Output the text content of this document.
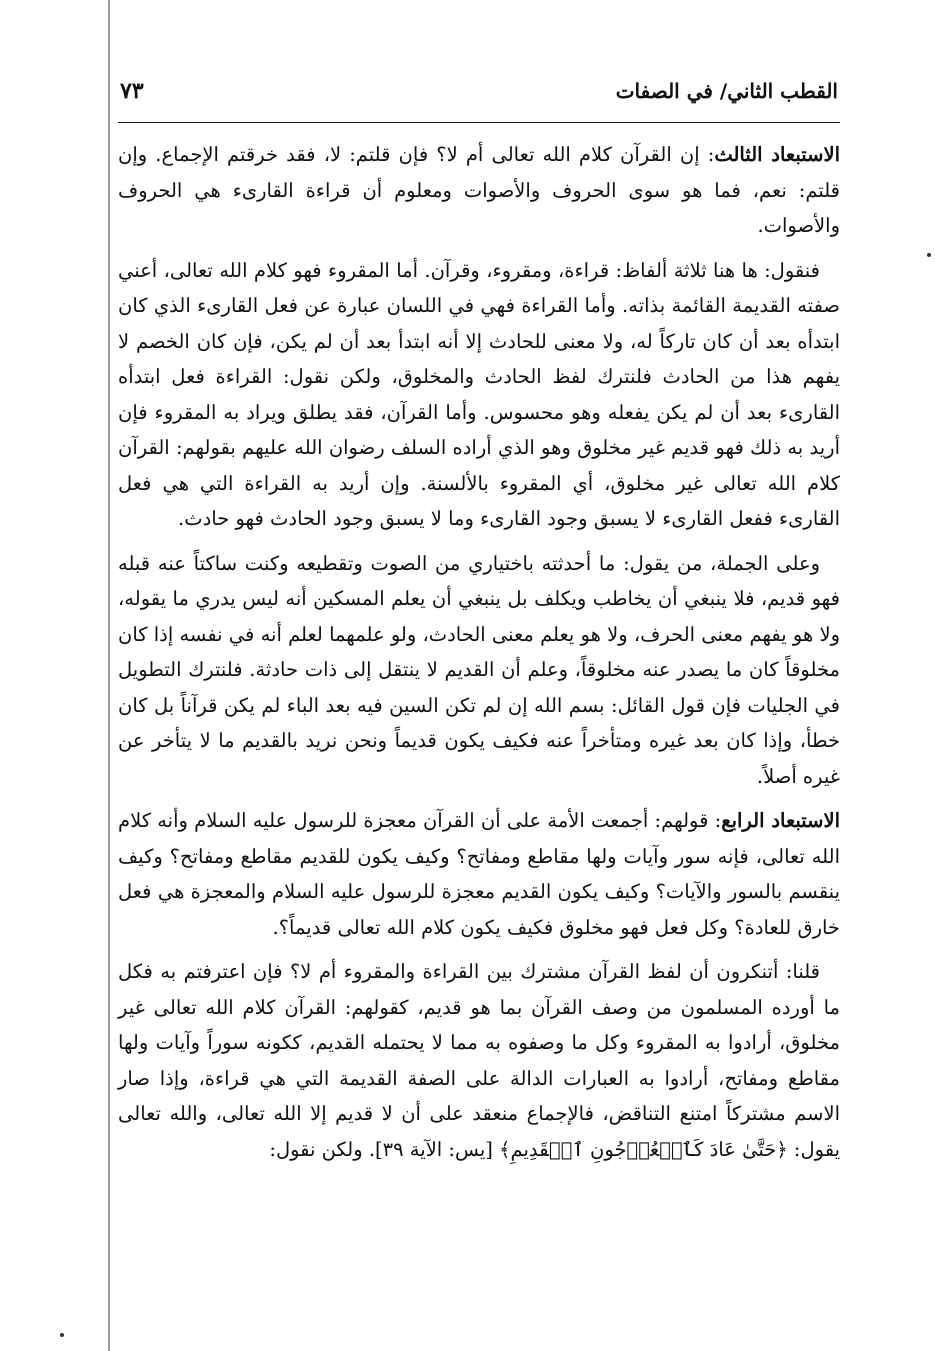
القطب الثاني/ في الصفات
٧٣

الاستبعاد الثالث: إن القرآن كلام الله تعالى أم لا؟ فإن قلتم: لا، فقد خرقتم الإجماع. وإن قلتم: نعم، فما هو سوى الحروف والأصوات ومعلوم أن قراءة القارىء هي الحروف والأصوات.

فنقول: ها هنا ثلاثة ألفاظ: قراءة، ومقروء، وقرآن. أما المقروء فهو كلام الله تعالى، أعني صفته القديمة القائمة بذاته. وأما القراءة فهي في اللسان عبارة عن فعل القارىء الذي كان ابتدأه بعد أن كان تاركاً له، ولا معنى للحادث إلا أنه ابتدأ بعد أن لم يكن، فإن كان الخصم لا يفهم هذا من الحادث فلنترك لفظ الحادث والمخلوق، ولكن نقول: القراءة فعل ابتدأه القارىء بعد أن لم يكن يفعله وهو محسوس. وأما القرآن، فقد يطلق ويراد به المقروء فإن أريد به ذلك فهو قديم غير مخلوق وهو الذي أراده السلف رضوان الله عليهم بقولهم: القرآن كلام الله تعالى غير مخلوق، أي المقروء بالألسنة. وإن أريد به القراءة التي هي فعل القارىء ففعل القارىء لا يسبق وجود القارىء وما لا يسبق وجود الحادث فهو حادث.

وعلى الجملة، من يقول: ما أحدثته باختياري من الصوت وتقطيعه وكنت ساكتاً عنه قبله فهو قديم، فلا ينبغي أن يخاطب ويكلف بل ينبغي أن يعلم المسكين أنه ليس يدري ما يقوله، ولا هو يفهم معنى الحرف، ولا هو يعلم معنى الحادث، ولو علمهما لعلم أنه في نفسه إذا كان مخلوقاً كان ما يصدر عنه مخلوقاً، وعلم أن القديم لا ينتقل إلى ذات حادثة. فلنترك التطويل في الجليات فإن قول القائل: بسم الله إن لم تكن السين فيه بعد الباء لم يكن قرآناً بل كان خطأ، وإذا كان بعد غيره ومتأخراً عنه فكيف يكون قديماً ونحن نريد بالقديم ما لا يتأخر عن غيره أصلاً.

الاستبعاد الرابع: قولهم: أجمعت الأمة على أن القرآن معجزة للرسول عليه السلام وأنه كلام الله تعالى، فإنه سور وآيات ولها مقاطع ومفاتح؟ وكيف يكون للقديم مقاطع ومفاتح؟ وكيف ينقسم بالسور والآيات؟ وكيف يكون القديم معجزة للرسول عليه السلام والمعجزة هي فعل خارق للعادة؟ وكل فعل فهو مخلوق فكيف يكون كلام الله تعالى قديماً؟.

قلنا: أتنكرون أن لفظ القرآن مشترك بين القراءة والمقروء أم لا؟ فإن اعترفتم به فكل ما أورده المسلمون من وصف القرآن بما هو قديم، كقولهم: القرآن كلام الله تعالى غير مخلوق، أرادوا به المقروء وكل ما وصفوه به مما لا يحتمله القديم، ككونه سوراً وآيات ولها مقاطع ومفاتح، أرادوا به العبارات الدالة على الصفة القديمة التي هي قراءة، وإذا صار الاسم مشتركاً امتنع التناقض، فالإجماع منعقد على أن لا قديم إلا الله تعالى، والله تعالى يقول: ﴿حَتَّىٰ عَادَ كَٱلۡعُرۡجُونِ ٱلۡقَدِيمِ﴾ [يس: الآية ٣٩]. ولكن نقول:
